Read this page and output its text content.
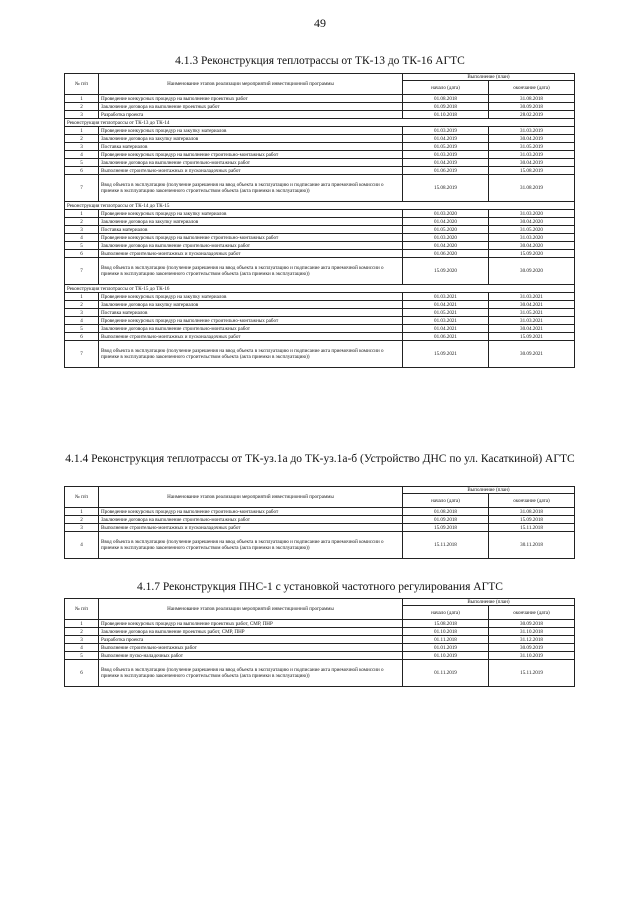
49
4.1.3 Реконструкция теплотрассы от ТК-13 до ТК-16 АГТС
№ п/п	Наименование этапов реализации мероприятий инвестиционной программы	Выполнение (план)	
		начало (дата)	окончание (дата)
1	Проведение конкурсных процедур на выполнение проектных работ	01.08.2018	31.08.2018
2	Заключение договора на выполнение проектных работ	01.09.2018	30.09.2018
3	Разработка проекта	01.10.2018	28.02.2019
Реконструкция теплотрассы от ТК-13 до ТК-14			
1	Проведение конкурсных процедур на закупку материалов	01.03.2019	31.03.2019
2	Заключение договора на закупку материалов	01.04.2019	30.04.2019
3	Поставка материалов	01.05.2019	31.05.2019
4	Проведение конкурсных процедур на выполнение строительно-монтажных работ	01.03.2019	31.03.2019
5	Заключение договора на выполнение строительно-монтажных работ	01.04.2019	30.04.2019
6	Выполнение строительно-монтажных и пусконаладочных работ	01.06.2019	15.08.2019
7	Ввод объекта в эксплуатацию (получение разрешения на ввод объекта в эксплуатацию и подписание акта приемочной комиссии о приемке в эксплуатацию законченного строительством объекта (акта приемки в эксплуатацию))	15.08.2019	31.08.2019
Реконструкция теплотрассы от ТК-14 до ТК-15			
1	Проведение конкурсных процедур на закупку материалов	01.03.2020	31.03.2020
2	Заключение договора на закупку материалов	01.04.2020	30.04.2020
3	Поставка материалов	01.05.2020	31.05.2020
4	Проведение конкурсных процедур на выполнение строительно-монтажных работ	01.03.2020	31.03.2020
5	Заключение договора на выполнение строительно-монтажных работ	01.04.2020	30.04.2020
6	Выполнение строительно-монтажных и пусконаладочных работ	01.06.2020	15.09.2020
7	Ввод объекта в эксплуатацию (получение разрешения на ввод объекта в эксплуатацию и подписание акта приемочной комиссии о приемке в эксплуатацию законченного строительством объекта (акта приемки в эксплуатацию))	15.09.2020	30.09.2020
Реконструкция теплотрассы от ТК-15 до ТК-16			
1	Проведение конкурсных процедур на закупку материалов	01.03.2021	31.03.2021
2	Заключение договора на закупку материалов	01.04.2021	30.04.2021
3	Поставка материалов	01.05.2021	31.05.2021
4	Проведение конкурсных процедур на выполнение строительно-монтажных работ	01.03.2021	31.03.2021
5	Заключение договора на выполнение строительно-монтажных работ	01.04.2021	30.04.2021
6	Выполнение строительно-монтажных и пусконаладочных работ	01.06.2021	15.09.2021
7	Ввод объекта в эксплуатацию (получение разрешения на ввод объекта в эксплуатацию и подписание акта приемочной комиссии о приемке в эксплуатацию законченного строительством объекта (акта приемки в эксплуатацию))	15.09.2021	30.09.2021
4.1.4 Реконструкция теплотрассы от ТК-уз.1а до ТК-уз.1а-б (Устройство ДНС по ул. Касаткиной) АГТС
№ п/п	Наименование этапов реализации мероприятий инвестиционной программы	Выполнение (план)	
		начало (дата)	окончание (дата)
1	Проведение конкурсных процедур на выполнение строительно-монтажных работ	01.08.2018	31.08.2018
2	Заключение договора на выполнение строительно-монтажных работ	01.09.2018	15.09.2018
3	Выполнение строительно-монтажных и пусконаладочных работ	15.09.2018	15.11.2018
4	Ввод объекта в эксплуатацию (получение разрешения на ввод объекта в эксплуатацию и подписание акта приемочной комиссии о приемке в эксплуатацию законченного строительством объекта (акта приемки в эксплуатацию))	15.11.2018	30.11.2018
4.1.7 Реконструкция ПНС-1 с установкой частотного регулирования АГТС
№ п/п	Наименование этапов реализации мероприятий инвестиционной программы	Выполнение (план)	
		начало (дата)	окончание (дата)
1	Проведение конкурсных процедур на выполнение проектных работ, СМР, ПНР	15.08.2018	30.09.2018
2	Заключение договора на выполнение проектных работ, СМР, ПНР	01.10.2018	31.10.2018
3	Разработка проекта	01.11.2018	31.12.2018
4	Выполнение строительно-монтажных работ	01.01.2019	30.09.2019
5	Выполнение пуско-наладочных работ	01.10.2019	31.10.2019
6	Ввод объекта в эксплуатацию (получение разрешения на ввод объекта в эксплуатацию и подписание акта приемочной комиссии о приемке в эксплуатацию законченного строительством объекта (акта приемки в эксплуатацию))	01.11.2019	15.11.2019
